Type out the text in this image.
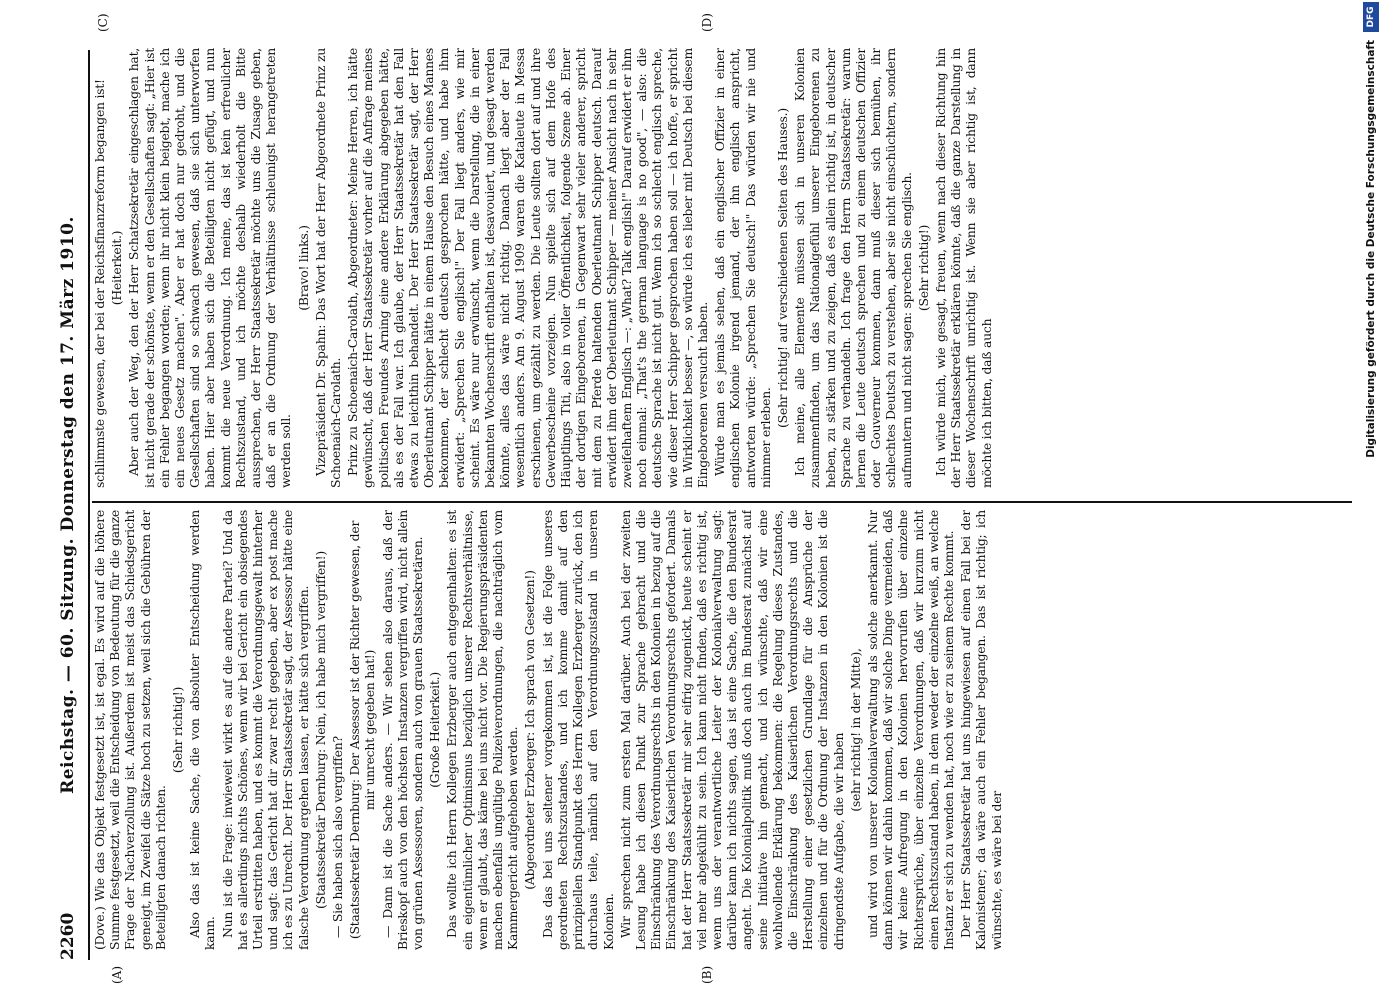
2260
Reichstag. — 60. Sitzung. Donnerstag den 17. März 1910.
(A)	(B)
(C)	(D)

(Dove.) Wie das Objekt festgesetzt ist, ist egal. Es wird auf die höhere Summe festgesetzt, weil die Entscheidung von Bedeutung für die ganze Frage der Nachverzollung ist. Außerdem ist meist das Schiedsgericht geneigt, im Zweifel die Sätze hoch zu setzen, weil sich die Gebühren der Beteiligten danach richten.

(Sehr richtig!) Also das ist keine Sache, die von absoluter Entscheidung werden kann. Nun ist die Frage: inwieweit wirkt es auf die andere Partei? Und da hat es allerdings nichts Schönes, wenn wir bei Gericht ein obsiegendes Urteil erstritten haben, und es kommt die Verordnungsgewalt hinterher und sagt: das Gericht hat dir zwar recht gegeben, aber ex post mache ich es zu Unrecht. Der Herr Staatssekretär sagt, der Assessor hätte eine falsche Verordnung ergehen lassen, er hätte sich vergriffen. (Staatssekretär Dernburg: Nein, ich habe mich vergriffen!) — Sie haben sich also vergriffen? (Staatssekretär Dernburg: Der Assessor ist der Richter gewesen, der mir unrecht gegeben hat!) — Dann ist die Sache anders. — Wir sehen also daraus, daß der Brieskopf auch von den höchsten Instanzen vergriffen wird, nicht allein von grünen Assessoren, sondern auch von grauen Staatssekretären. (Große Heiterkeit.) Das wollte ich Herrn Kollegen Erzberger auch entgegenhalten: es ist ein eigentümlicher Optimismus bezüglich unserer Rechtsverhältnisse, wenn er glaubt, das käme bei uns nicht vor. Die Regierungspräsidenten machen ebenfalls ungültige Polizeiverordnungen, die nachträglich vom Kammergericht aufgehoben werden. (Abgeordneter Erzberger: Ich sprach von Gesetzen!) Das das bei uns seltener vorgekommen ist, ist die Folge unseres geordneten Rechtszustandes, und ich komme damit auf den prinzipiellen Standpunkt des Herrn Kollegen Erzberger zurück, den ich durchaus teile, nämlich auf den Verordnungszustand in unseren Kolonien. Wir sprechen nicht zum ersten Mal darüber. Auch bei der zweiten Lesung habe ich diesen Punkt zur Sprache gebracht und die Einschränkung des Verordnungsrechts in den Kolonien in bezug auf die Einschränkung des Kaiserlichen Verordnungsrechts gefordert. Damals hat der Herr Staatssekretär mir sehr eifrig zugenickt, heute scheint er viel mehr abgekühlt zu sein. Ich kann nicht finden, daß es richtig ist, wenn uns der verantwortliche Leiter der Kolonialverwaltung sagt: darüber kann ich nichts sagen, das ist eine Sache, die den Bundesrat angeht. Die Kolonialpolitik muß doch auch im Bundesrat zunächst auf seine Initiative hin gemacht, und ich wünschte, daß wir eine wohlwollende Erklärung bekommen: die Regelung dieses Zustandes, die Einschränkung des Kaiserlichen Verordnungsrechts und die Herstellung einer gesetzlichen Grundlage für die Ansprüche der einzelnen und für die Ordnung der Instanzen in den Kolonien ist die dringendste Aufgabe, die wir haben

(sehr richtig! in der Mitte), und wird von unserer Kolonialverwaltung als solche anerkannt. Nur dann können wir dahin kommen, daß wir solche Dinge vermeiden, daß wir keine Aufregung in den Kolonien hervorrufen über einzelne Richtersprüche, über einzelne Verordnungen, daß wir kurzum nicht einen Rechtszustand haben, in dem weder der einzelne weiß, an welche Instanz er sich zu wenden hat, noch wie er zu seinem Rechte kommt. Der Herr Staatssekretär hat uns hingewiesen auf einen Fall bei der Kalonistener; da wäre auch ein Fehler begangen. Das ist richtig; ich wünschte, es wäre bei der

schlimmste gewesen, der bei der Reichsfinanzreform begangen ist! (Heiterkeit.) Aber auch der Weg, den der Herr Schatzsekretär eingeschlagen hat, ist nicht gerade der schönste, wenn er den Gesellschaften sagt: „Hier ist ein Fehler begangen worden; wenn ihr nicht klein beigebt, mache ich ein neues Gesetz machen". Aber er hat doch nur gedroht, und die Gesellschaften sind so schwach gewesen, daß sie sich unterworfen haben. Hier aber haben sich die Beteiligten nicht gefügt, und nun kommt die neue Verordnung. Ich meine, das ist kein erfreulicher Rechtszustand, und ich möchte deshalb wiederholt die Bitte aussprechen, der Herr Staatssekretär möchte uns die Zusage geben, daß er an die Ordnung der Verhältnisse schleunigst herangetreten werden soll.

(Bravo! links.) Vizepräsident Dr. Spahn: Das Wort hat der Herr Abgeordnete Prinz zu Schoenaich-Carolath. Prinz zu Schoenaich-Carolath, Abgeordneter: Meine Herren, ich hätte gewünscht, daß der Herr Staatssekretär vorher auf die Anfrage meines politischen Freundes Arning eine andere Erklärung abgegeben hätte, als es der Fall war. Ich glaube, der Herr Staatssekretär hat den Fall etwas zu leichthin behandelt. Der Herr Staatssekretär sagt, der Herr Oberleutnant Schipper hätte in einem Hause den Besuch eines Mannes bekommen, der schlecht deutsch gesprochen hätte, und habe ihm erwidert: „Sprechen Sie englisch!" Der Fall liegt anders, wie mir scheint. Es wäre nur erwünscht, wenn die Darstellung, die in einer bekannten Wochenschrift enthalten ist, desavouiert, und gesagt werden könnte, alles das wäre nicht richtig. Danach liegt aber der Fall wesentlich anders. Am 9. August 1909 waren die Kataleute in Messa erschienen, um gezählt zu werden. Die Leute sollten dort auf und ihre Gewerbescheine vorzeigen. Nun spielte sich auf dem Hofe des Häuptlings Titi, also in voller Öffentlichkeit, folgende Szene ab. Einer der dortigen Eingeborenen, in Gegenwart sehr vieler anderer, spricht mit dem zu Pferde haltenden Oberleutnant Schipper deutsch. Darauf erwidert ihm der Oberleutnant Schipper — meiner Ansicht nach in sehr zweifelhaftem Englisch —: „What? Talk english!" Darauf erwidert er ihm noch einmal: „That's the german language is no good", — also: die deutsche Sprache ist nicht gut. Wenn ich so schlecht englisch spreche, wie dieser Herr Schipper gesprochen haben soll — ich hoffe, er spricht in Wirklichkeit besser —, so würde ich es lieber mit Deutsch bei diesem Eingeborenen versucht haben. Würde man es jemals sehen, daß ein englischer Offizier in einer englischen Kolonie irgend jemand, der ihn englisch anspricht, antworten würde: „Sprechen Sie deutsch!" Das würden wir nie und nimmer erleben.

(Sehr richtig! auf verschiedenen Seiten des Hauses.) Ich meine, alle Elemente müssen sich in unseren Kolonien zusammenfinden, um das Nationalgefühl unserer Eingeborenen zu heben, zu stärken und zu zeigen, daß es allein richtig ist, in deutscher Sprache zu verhandeln. Ich frage den Herrn Staatssekretär: warum lernen die Leute deutsch sprechen und zu einem deutschen Offizier oder Gouverneur kommen, dann muß dieser sich bemühen, ihr schlechtes Deutsch zu verstehen, aber sie nicht einschüchtern, sondern aufmuntern und nicht sagen: sprechen Sie englisch. (Sehr richtig!) Ich würde mich, wie gesagt, freuen, wenn nach dieser Richtung hin der Herr Staatssekretär erklären könnte, daß die ganze Darstellung in dieser Wochenschrift unrichtig ist. Wenn sie aber richtig ist, dann möchte ich bitten, daß auch	Digitalisierung gefördert durch die Deutsche Forschungsgemeinschaft
DFG
